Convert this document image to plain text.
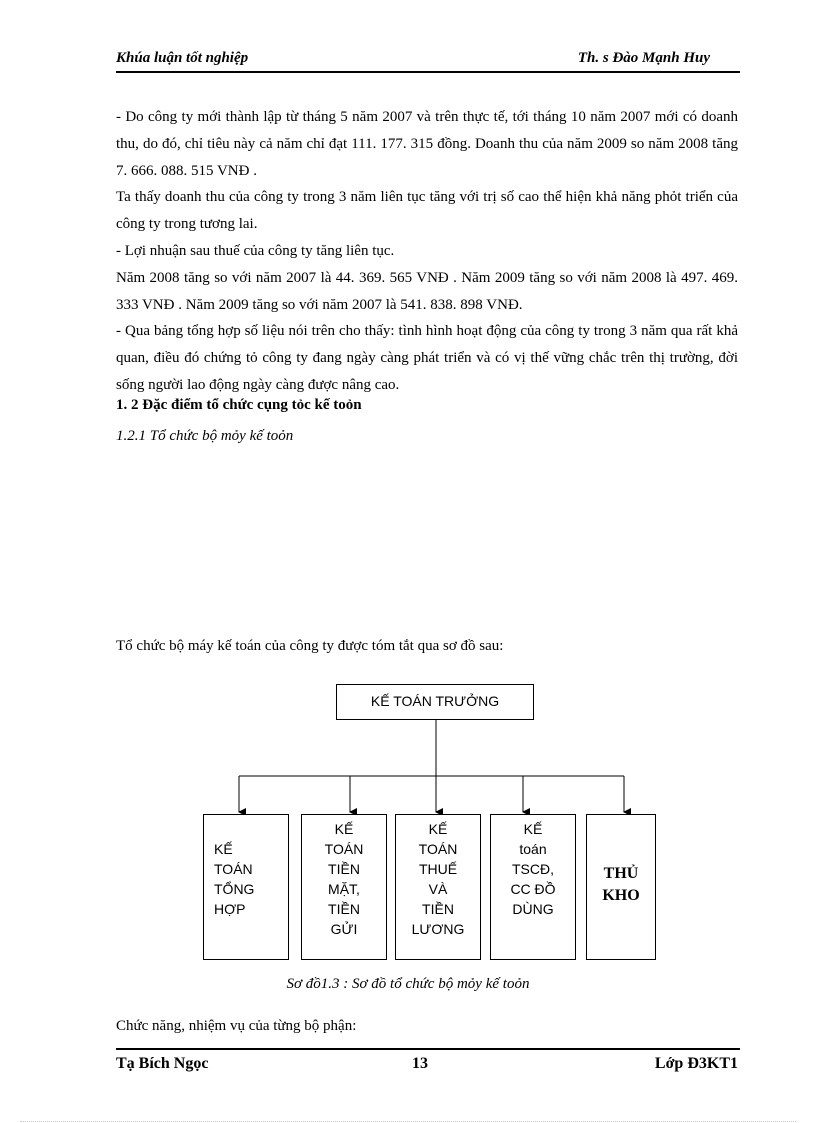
Khúa luận tốt nghiệp	Th. s Đào Mạnh Huy

- Do công ty mới thành lập từ tháng 5 năm 2007 và trên thực tế, tới tháng 10 năm 2007 mới có doanh thu, do đó, chỉ tiêu này cả năm chỉ đạt 111. 177. 315 đồng. Doanh thu của năm 2009 so năm 2008 tăng 7. 666. 088. 515 VNĐ .

Ta thấy doanh thu của công ty trong 3 năm liên tục tăng với trị số cao thể hiện khả năng phỏt triển của công ty trong tương lai.

- Lợi nhuận sau thuế của công ty tăng liên tục.

Năm 2008 tăng so với năm 2007 là 44. 369. 565 VNĐ . Năm 2009 tăng so với năm 2008 là 497. 469. 333 VNĐ . Năm 2009 tăng so với năm 2007 là 541. 838. 898 VNĐ.

- Qua bảng tổng hợp số liệu nói trên cho thấy: tình hình hoạt động của công ty trong 3 năm qua rất khả quan, điều đó chứng tỏ công ty đang ngày càng phát triển và có vị thế vững chắc trên thị trường, đời sống người lao động ngày càng được nâng cao.

1. 2 Đặc điểm tổ chức cụng tỏc kế toỏn
1.2.1 Tổ chức bộ mỏy kế toỏn
Tổ chức bộ máy kế toán của công ty được tóm tắt qua sơ đồ sau:
KẾ TOÁN TRƯỞNG
KẾ
TOÁN
TỔNG
HỢP
KẾ
TOÁN
TIỀN
MẶT,
TIỀN
GỬI
KẾ
TOÁN
THUẾ
VÀ
TIỀN
LƯƠNG
KẾ
toán
TSCĐ,
CC ĐỒ
DÙNG
THỦ
KHO
Sơ đồ1.3 : Sơ đồ tổ chức bộ mỏy kế toỏn
Chức năng, nhiệm vụ của từng bộ phận:
Tạ Bích Ngọc	13	Lớp Đ3KT1
